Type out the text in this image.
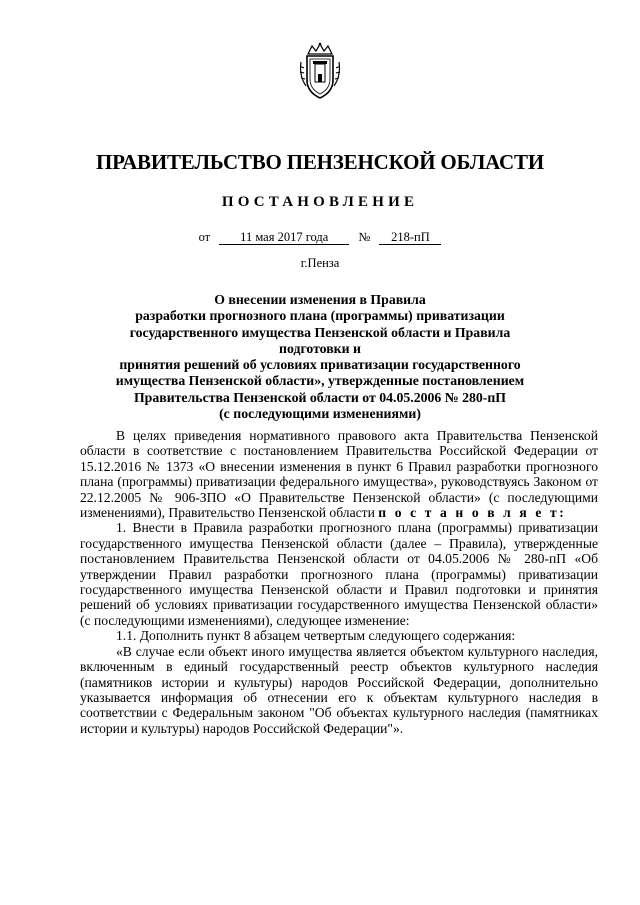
ПРАВИТЕЛЬСТВО ПЕНЗЕНСКОЙ ОБЛАСТИ
ПОСТАНОВЛЕНИЕ
от 11 мая 2017 года № 218-пП
г.Пенза
О внесении изменения в Правила
разработки прогнозного плана (программы) приватизации
государственного имущества Пензенской области и Правила подготовки и
принятия решений об условиях приватизации государственного
имущества Пензенской области», утвержденные постановлением
Правительства Пензенской области от 04.05.2006 № 280-пП
(с последующими изменениями)

В целях приведения нормативного правового акта Правительства Пензенской области в соответствие с постановлением Правительства Российской Федерации от 15.12.2016 № 1373 «О внесении изменения в пункт 6 Правил разработки прогнозного плана (программы) приватизации федерального имущества», руководствуясь Законом от 22.12.2005 № 906-ЗПО «О Правительстве Пензенской области» (с последующими изменениями), Правительство Пензенской области п о с т а н о в л я е т:

1. Внести в Правила разработки прогнозного плана (программы) приватизации государственного имущества Пензенской области (далее – Правила), утвержденные постановлением Правительства Пензенской области от 04.05.2006 № 280-пП «Об утверждении Правил разработки прогнозного плана (программы) приватизации государственного имущества Пензенской области и Правил подготовки и принятия решений об условиях приватизации государственного имущества Пензенской области» (с последующими изменениями), следующее изменение:

1.1. Дополнить пункт 8 абзацем четвертым следующего содержания:

«В случае если объект иного имущества является объектом культурного наследия, включенным в единый государственный реестр объектов культурного наследия (памятников истории и культуры) народов Российской Федерации, дополнительно указывается информация об отнесении его к объектам культурного наследия в соответствии с Федеральным законом "Об объектах культурного наследия (памятниках истории и культуры) народов Российской Федерации"».
